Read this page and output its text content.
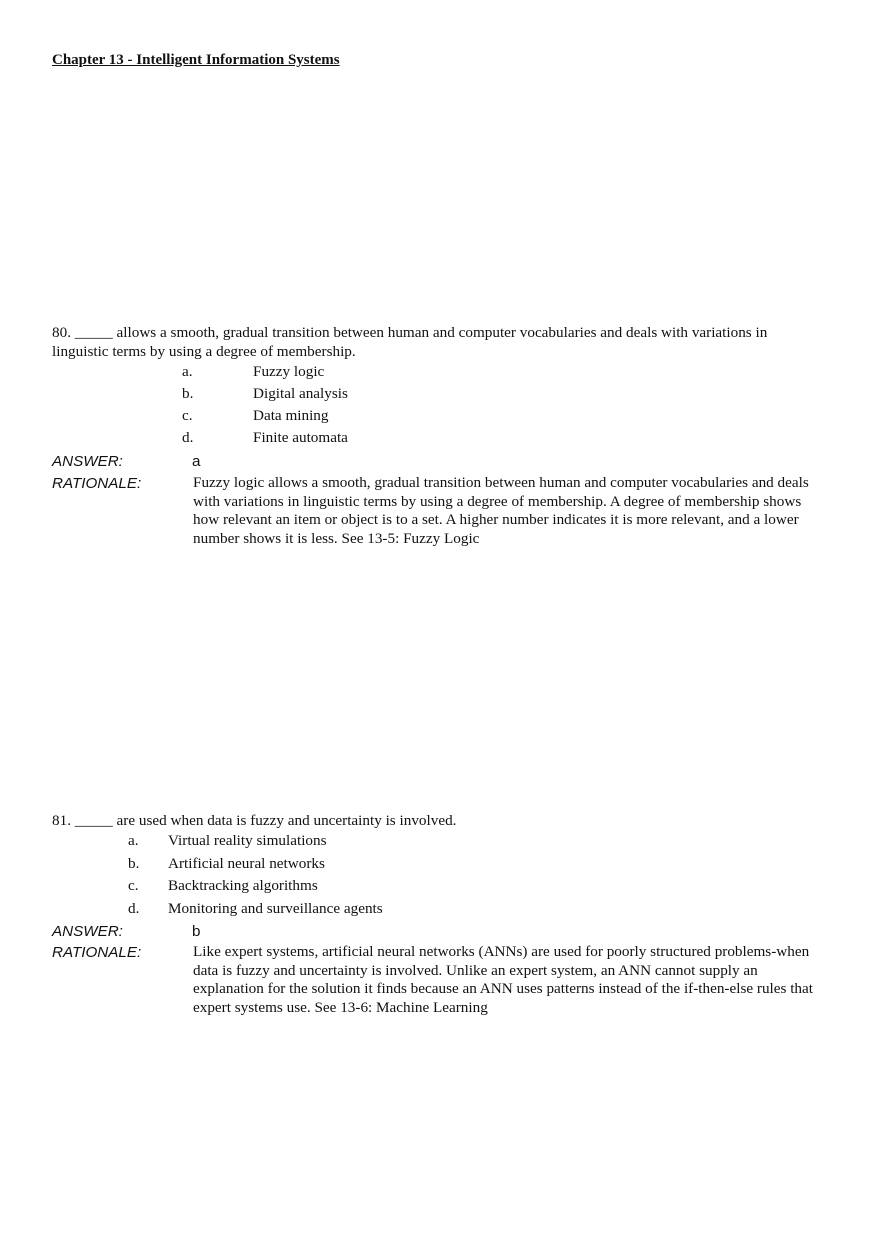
Chapter 13 - Intelligent Information Systems

80. _____ allows a smooth, gradual transition between human and computer vocabularies and deals with variations in linguistic terms by using a degree of membership.

a.	Fuzzy logic
b.	Digital analysis
c.	Data mining
d.	Finite automata
ANSWER:	a
RATIONALE:	Fuzzy logic allows a smooth, gradual transition between human and computer vocabularies and deals with variations in linguistic terms by using a degree of membership. A degree of membership shows how relevant an item or object is to a set. A higher number indicates it is more relevant, and a lower number shows it is less. See 13-5: Fuzzy Logic

81. _____ are used when data is fuzzy and uncertainty is involved.

a. Virtual reality simulations
b. Artificial neural networks
c. Backtracking algorithms
d. Monitoring and surveillance agents
ANSWER:	b
RATIONALE:	Like expert systems, artificial neural networks (ANNs) are used for poorly structured problems-when data is fuzzy and uncertainty is involved. Unlike an expert system, an ANN cannot supply an explanation for the solution it finds because an ANN uses patterns instead of the if-then-else rules that expert systems use. See 13-6: Machine Learning
